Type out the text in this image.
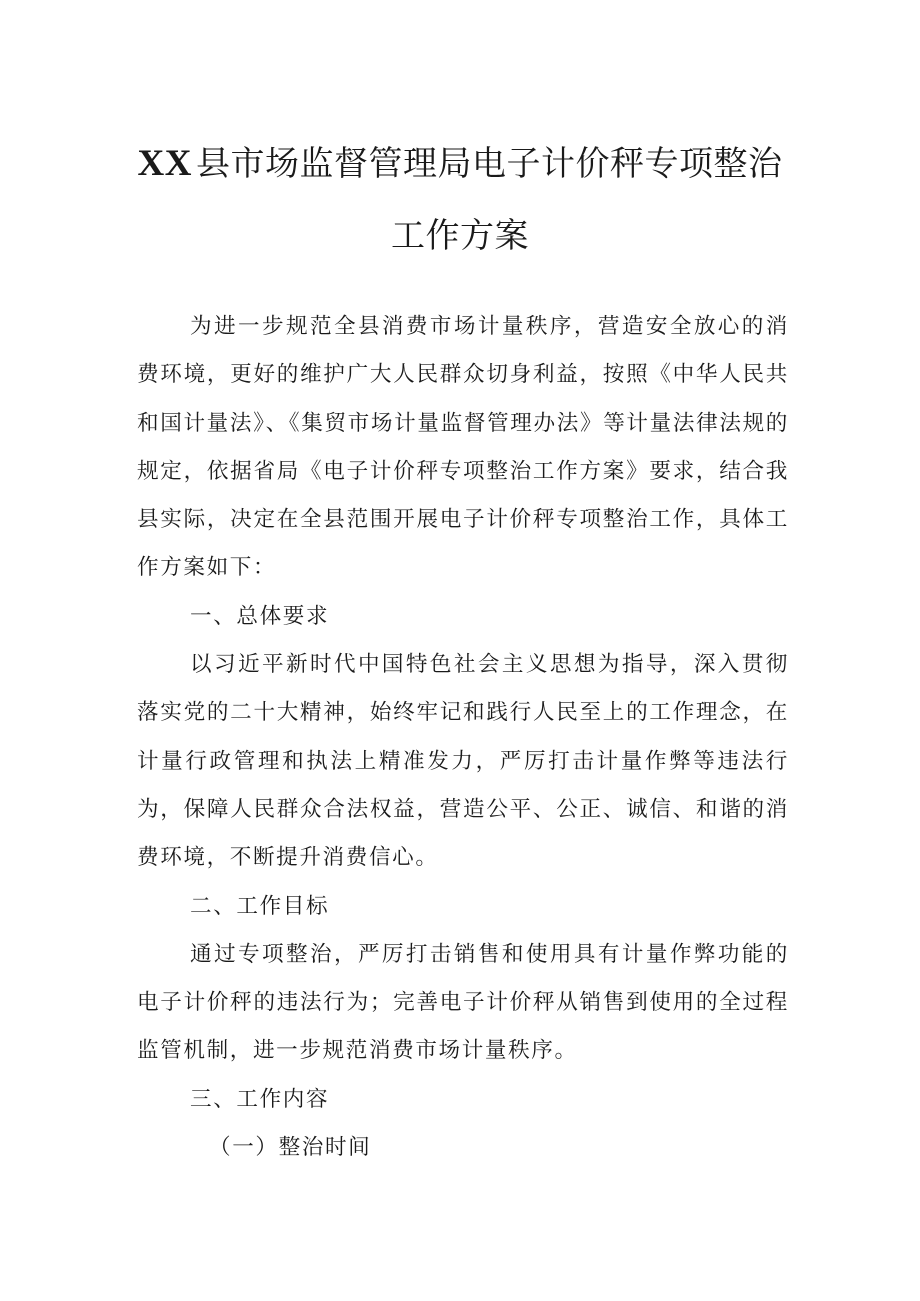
XX 县市场监督管理局电子计价秤专项整治
工作方案

为进一步规范全县消费市场计量秩序，营造安全放心的消费环境，更好的维护广大人民群众切身利益，按照《中华人民共和国计量法》、《集贸市场计量监督管理办法》等计量法律法规的规定，依据省局《电子计价秤专项整治工作方案》要求，结合我县实际，决定在全县范围开展电子计价秤专项整治工作，具体工作方案如下：

一、总体要求

以习近平新时代中国特色社会主义思想为指导，深入贯彻落实党的二十大精神，始终牢记和践行人民至上的工作理念，在计量行政管理和执法上精准发力，严厉打击计量作弊等违法行为，保障人民群众合法权益，营造公平、公正、诚信、和谐的消费环境，不断提升消费信心。

二、工作目标

通过专项整治，严厉打击销售和使用具有计量作弊功能的电子计价秤的违法行为；完善电子计价秤从销售到使用的全过程监管机制，进一步规范消费市场计量秩序。

三、工作内容

（一）整治时间
